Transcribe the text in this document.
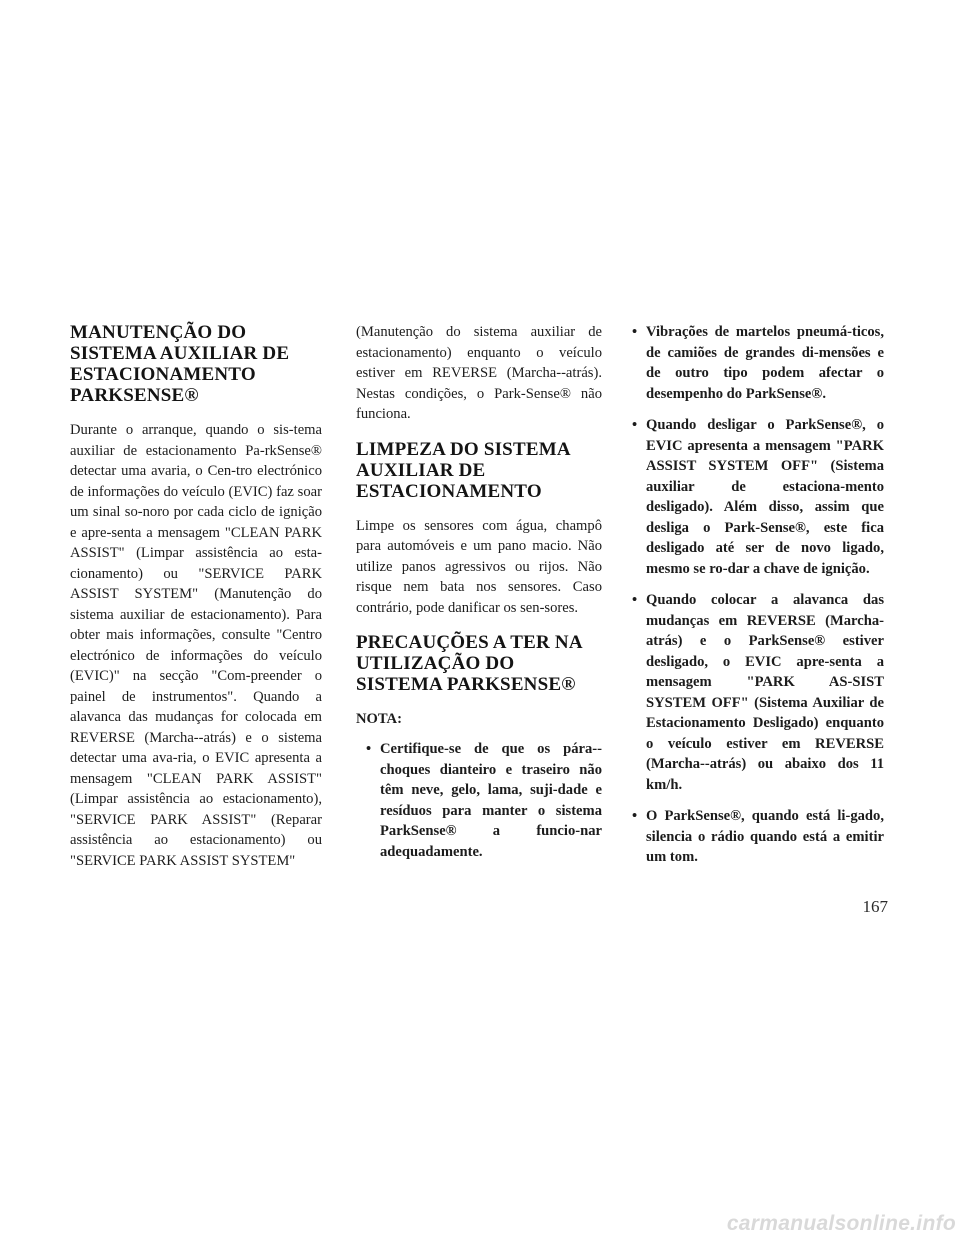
MANUTENÇÃO DO SISTEMA AUXILIAR DE ESTACIONAMENTO PARKSENSE®

Durante o arranque, quando o sis-tema auxiliar de estacionamento Pa-rkSense® detectar uma avaria, o Cen-tro electrónico de informações do veículo (EVIC) faz soar um sinal so-noro por cada ciclo de ignição e apre-senta a mensagem "CLEAN PARK ASSIST" (Limpar assistência ao esta-cionamento) ou "SERVICE PARK ASSIST SYSTEM" (Manutenção do sistema auxiliar de estacionamento). Para obter mais informações, consulte "Centro electrónico de informações do veículo (EVIC)" na secção "Com-preender o painel de instrumentos". Quando a alavanca das mudanças for colocada em REVERSE (Marcha--atrás) e o sistema detectar uma ava-ria, o EVIC apresenta a mensagem "CLEAN PARK ASSIST" (Limpar assistência ao estacionamento), "SERVICE PARK ASSIST" (Reparar assistência ao estacionamento) ou "SERVICE PARK ASSIST SYSTEM"

(Manutenção do sistema auxiliar de estacionamento) enquanto o veículo estiver em REVERSE (Marcha--atrás). Nestas condições, o Park-Sense® não funciona.

LIMPEZA DO SISTEMA AUXILIAR DE ESTACIONAMENTO

Limpe os sensores com água, champô para automóveis e um pano macio. Não utilize panos agressivos ou rijos. Não risque nem bata nos sensores. Caso contrário, pode danificar os sen-sores.

PRECAUÇÕES A TER NA UTILIZAÇÃO DO SISTEMA PARKSENSE®
NOTA:
• Certifique-se de que os pára--choques dianteiro e traseiro não têm neve, gelo, lama, suji-dade e resíduos para manter o sistema ParkSense® a funcio-nar adequadamente.
• Vibrações de martelos pneumá-ticos, de camiões de grandes di-mensões e de outro tipo podem afectar o desempenho do ParkSense®.
• Quando desligar o ParkSense®, o EVIC apresenta a mensagem "PARK ASSIST SYSTEM OFF" (Sistema auxiliar de estaciona-mento desligado). Além disso, assim que desliga o Park-Sense®, este fica desligado até ser de novo ligado, mesmo se ro-dar a chave de ignição.
• Quando colocar a alavanca das mudanças em REVERSE (Marcha-atrás) e o ParkSense® estiver desligado, o EVIC apre-senta a mensagem "PARK AS-SIST SYSTEM OFF" (Sistema Auxiliar de Estacionamento Desligado) enquanto o veículo estiver em REVERSE (Marcha--atrás) ou abaixo dos 11 km/h.
• O ParkSense®, quando está li-gado, silencia o rádio quando está a emitir um tom.
167
carmanualsonline.info
